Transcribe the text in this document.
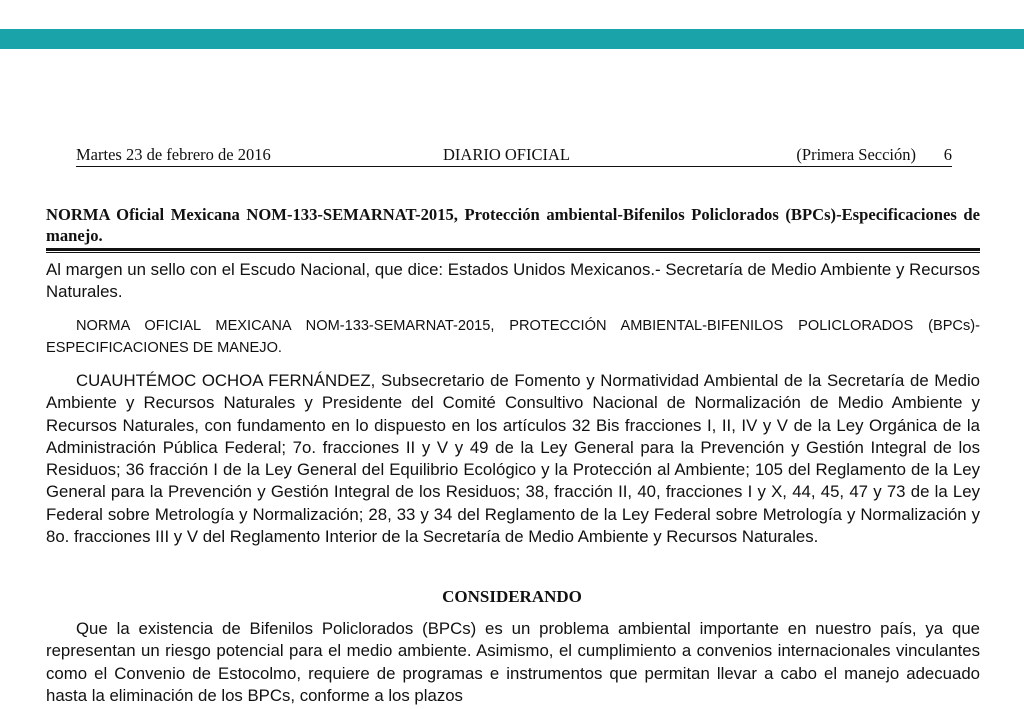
Martes 23 de febrero de 2016	DIARIO OFICIAL	(Primera Sección) 6
NORMA Oficial Mexicana NOM-133-SEMARNAT-2015, Protección ambiental-Bifenilos Policlorados (BPCs)-Especificaciones de manejo.

Al margen un sello con el Escudo Nacional, que dice: Estados Unidos Mexicanos.- Secretaría de Medio Ambiente y Recursos Naturales.

NORMA OFICIAL MEXICANA NOM-133-SEMARNAT-2015, PROTECCIÓN AMBIENTAL-BIFENILOS POLICLORADOS (BPCs)-ESPECIFICACIONES DE MANEJO.

CUAUHTÉMOC OCHOA FERNÁNDEZ, Subsecretario de Fomento y Normatividad Ambiental de la Secretaría de Medio Ambiente y Recursos Naturales y Presidente del Comité Consultivo Nacional de Normalización de Medio Ambiente y Recursos Naturales, con fundamento en lo dispuesto en los artículos 32 Bis fracciones I, II, IV y V de la Ley Orgánica de la Administración Pública Federal; 7o. fracciones II y V y 49 de la Ley General para la Prevención y Gestión Integral de los Residuos; 36 fracción I de la Ley General del Equilibrio Ecológico y la Protección al Ambiente; 105 del Reglamento de la Ley General para la Prevención y Gestión Integral de los Residuos; 38, fracción II, 40, fracciones I y X, 44, 45, 47 y 73 de la Ley Federal sobre Metrología y Normalización; 28, 33 y 34 del Reglamento de la Ley Federal sobre Metrología y Normalización y 8o. fracciones III y V del Reglamento Interior de la Secretaría de Medio Ambiente y Recursos Naturales.

CONSIDERANDO

Que la existencia de Bifenilos Policlorados (BPCs) es un problema ambiental importante en nuestro país, ya que representan un riesgo potencial para el medio ambiente. Asimismo, el cumplimiento a convenios internacionales vinculantes como el Convenio de Estocolmo, requiere de programas e instrumentos que permitan llevar a cabo el manejo adecuado hasta la eliminación de los BPCs, conforme a los plazos
